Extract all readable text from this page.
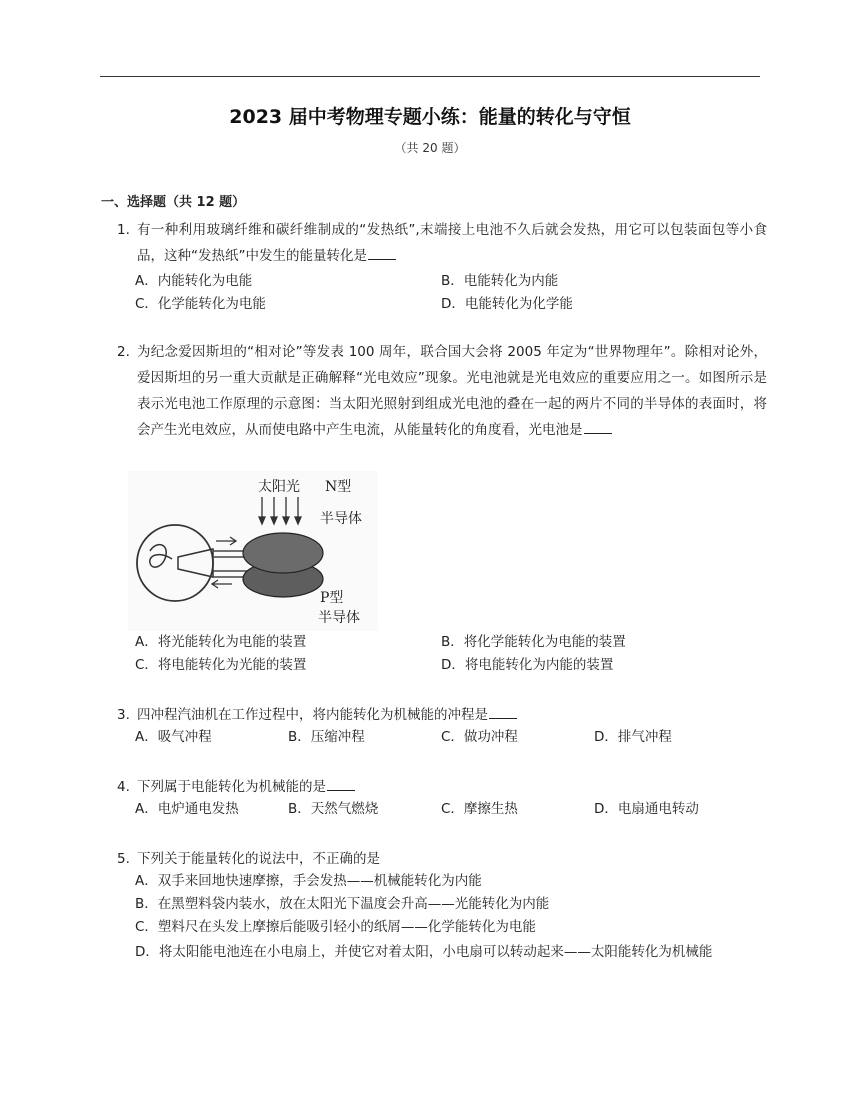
2023 届中考物理专题小练：能量的转化与守恒
（共 20 题）
一、选择题（共 12 题）
1. 有一种利用玻璃纤维和碳纤维制成的“发热纸”,末端接上电池不久后就会发热，用它可以包装面包等小食品，这种“发热纸”中发生的能量转化是
A．内能转化为电能	B．电能转化为内能
C．化学能转化为电能	D．电能转化为化学能
2. 为纪念爱因斯坦的“相对论”等发表 100 周年，联合国大会将 2005 年定为“世界物理年”。除相对论外，爱因斯坦的另一重大贡献是正确解释“光电效应”现象。光电池就是光电效应的重要应用之一。如图所示是表示光电池工作原理的示意图：当太阳光照射到组成光电池的叠在一起的两片不同的半导体的表面时，将会产生光电效应，从而使电路中产生电流，从能量转化的角度看，光电池是
太阳光 N型
半导体
P型
半导体
A．将光能转化为电能的装置	B．将化学能转化为电能的装置
C．将电能转化为光能的装置	D．将电能转化为内能的装置
3. 四冲程汽油机在工作过程中，将内能转化为机械能的冲程是
A．吸气冲程	B．压缩冲程	C．做功冲程	D．排气冲程
4. 下列属于电能转化为机械能的是
A．电炉通电发热	B．天然气燃烧	C．摩擦生热	D．电扇通电转动
5. 下列关于能量转化的说法中，不正确的是
A．双手来回地快速摩擦，手会发热——机械能转化为内能
B．在黑塑料袋内装水，放在太阳光下温度会升高——光能转化为内能
C．塑料尺在头发上摩擦后能吸引轻小的纸屑——化学能转化为电能
D．将太阳能电池连在小电扇上，并使它对着太阳，小电扇可以转动起来——太阳能转化为机械能
